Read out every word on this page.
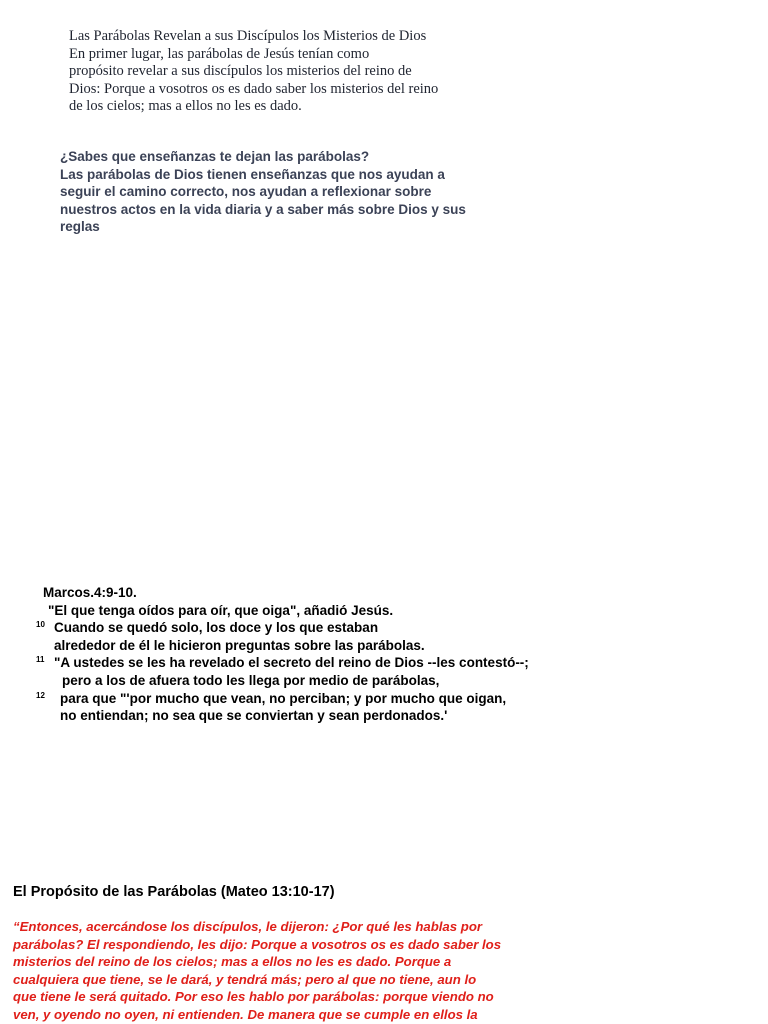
Las Parábolas Revelan a sus Discípulos los Misterios de Dios
En primer lugar, las parábolas de Jesús tenían como
propósito revelar a sus discípulos los misterios del reino de
Dios: Porque a vosotros os es dado saber los misterios del reino
de los cielos; mas a ellos no les es dado.
¿Sabes que enseñanzas te dejan las parábolas?
Las parábolas de Dios tienen enseñanzas que nos ayudan a
seguir el camino correcto, nos ayudan a reflexionar sobre
nuestros actos en la vida diaria y a saber más sobre Dios y sus
reglas
Marcos.4:9-10.
"El que tenga oídos para oír, que oiga", añadió Jesús.
10 Cuando se quedó solo, los doce y los que estaban
alrededor de él le hicieron preguntas sobre las parábolas.
11 "A ustedes se les ha revelado el secreto del reino de Dios --les contestó--;
pero a los de afuera todo les llega por medio de parábolas,
12 para que "'por mucho que vean, no perciban; y por mucho que oigan,
no entiendan; no sea que se conviertan y sean perdonados.'
El Propósito de las Parábolas (Mateo 13:10-17)
“Entonces, acercándose los discípulos, le dijeron: ¿Por qué les hablas por
parábolas? El respondiendo, les dijo: Porque a vosotros os es dado saber los
misterios del reino de los cielos; mas a ellos no les es dado. Porque a
cualquiera que tiene, se le dará, y tendrá más; pero al que no tiene, aun lo
que tiene le será quitado. Por eso les hablo por parábolas: porque viendo no
ven, y oyendo no oyen, ni entienden. De manera que se cumple en ellos la
